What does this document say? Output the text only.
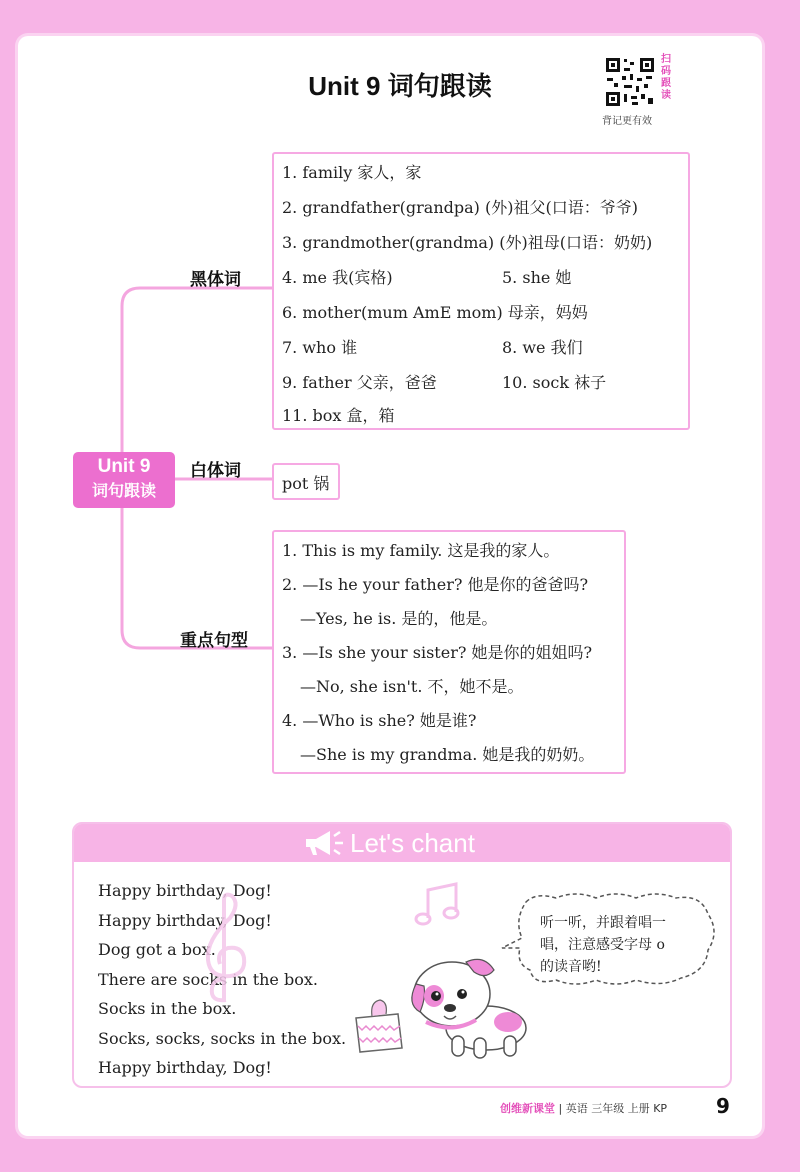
Unit 9 词句跟读
扫
码
跟
读
背记更有效
Unit 9
词句跟读
黑体词
白体词
重点句型
1. family 家人，家
2. grandfather(grandpa) (外)祖父(口语：爷爷)
3. grandmother(grandma) (外)祖母(口语：奶奶)
4. me 我(宾格)	5. she 她
6. mother(mum AmE mom) 母亲，妈妈
7. who 谁	8. we 我们
9. father 父亲，爸爸	10. sock 袜子
11. box 盒，箱
pot 锅
1. This is my family. 这是我的家人。
2. —Is he your father? 他是你的爸爸吗?
—Yes, he is. 是的，他是。
3. —Is she your sister? 她是你的姐姐吗?
—No, she isn't. 不，她不是。
4. —Who is she? 她是谁?
—She is my grandma. 她是我的奶奶。
Let's chant
Happy birthday, Dog!
Happy birthday, Dog!
Dog got a box.
There are socks in the box.
Socks in the box.
Socks, socks, socks in the box.
Happy birthday, Dog!
听一听，并跟着唱一
唱，注意感受字母 o
的读音哟!
创维新课堂 | 英语 三年级 上册 KP 9
